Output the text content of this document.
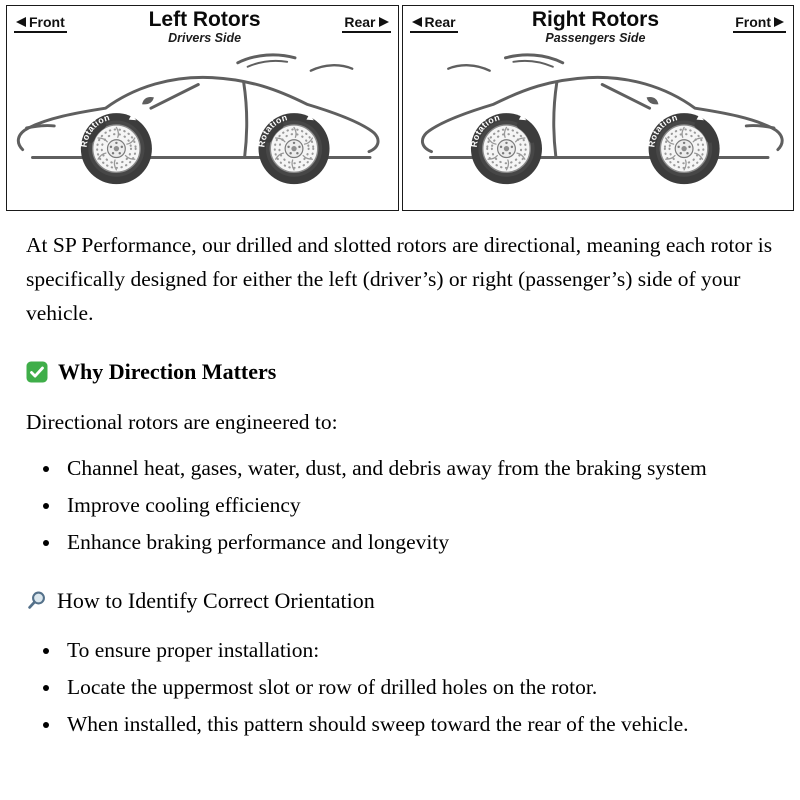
Front	Left Rotors
Drivers Side
Rear
Rotation
Rotation
Rear	Right Rotors
Passengers Side
Front
Rotation
Rotation

At SP Performance, our drilled and slotted rotors are directional, meaning each rotor is specifically designed for either the left (driver’s) or right (passenger’s) side of your vehicle.

Why Direction Matters

Directional rotors are engineered to:

• Channel heat, gases, water, dust, and debris away from the braking system
• Improve cooling efficiency
• Enhance braking performance and longevity
How to Identify Correct Orientation
• To ensure proper installation:
• Locate the uppermost slot or row of drilled holes on the rotor.
• When installed, this pattern should sweep toward the rear of the vehicle.
